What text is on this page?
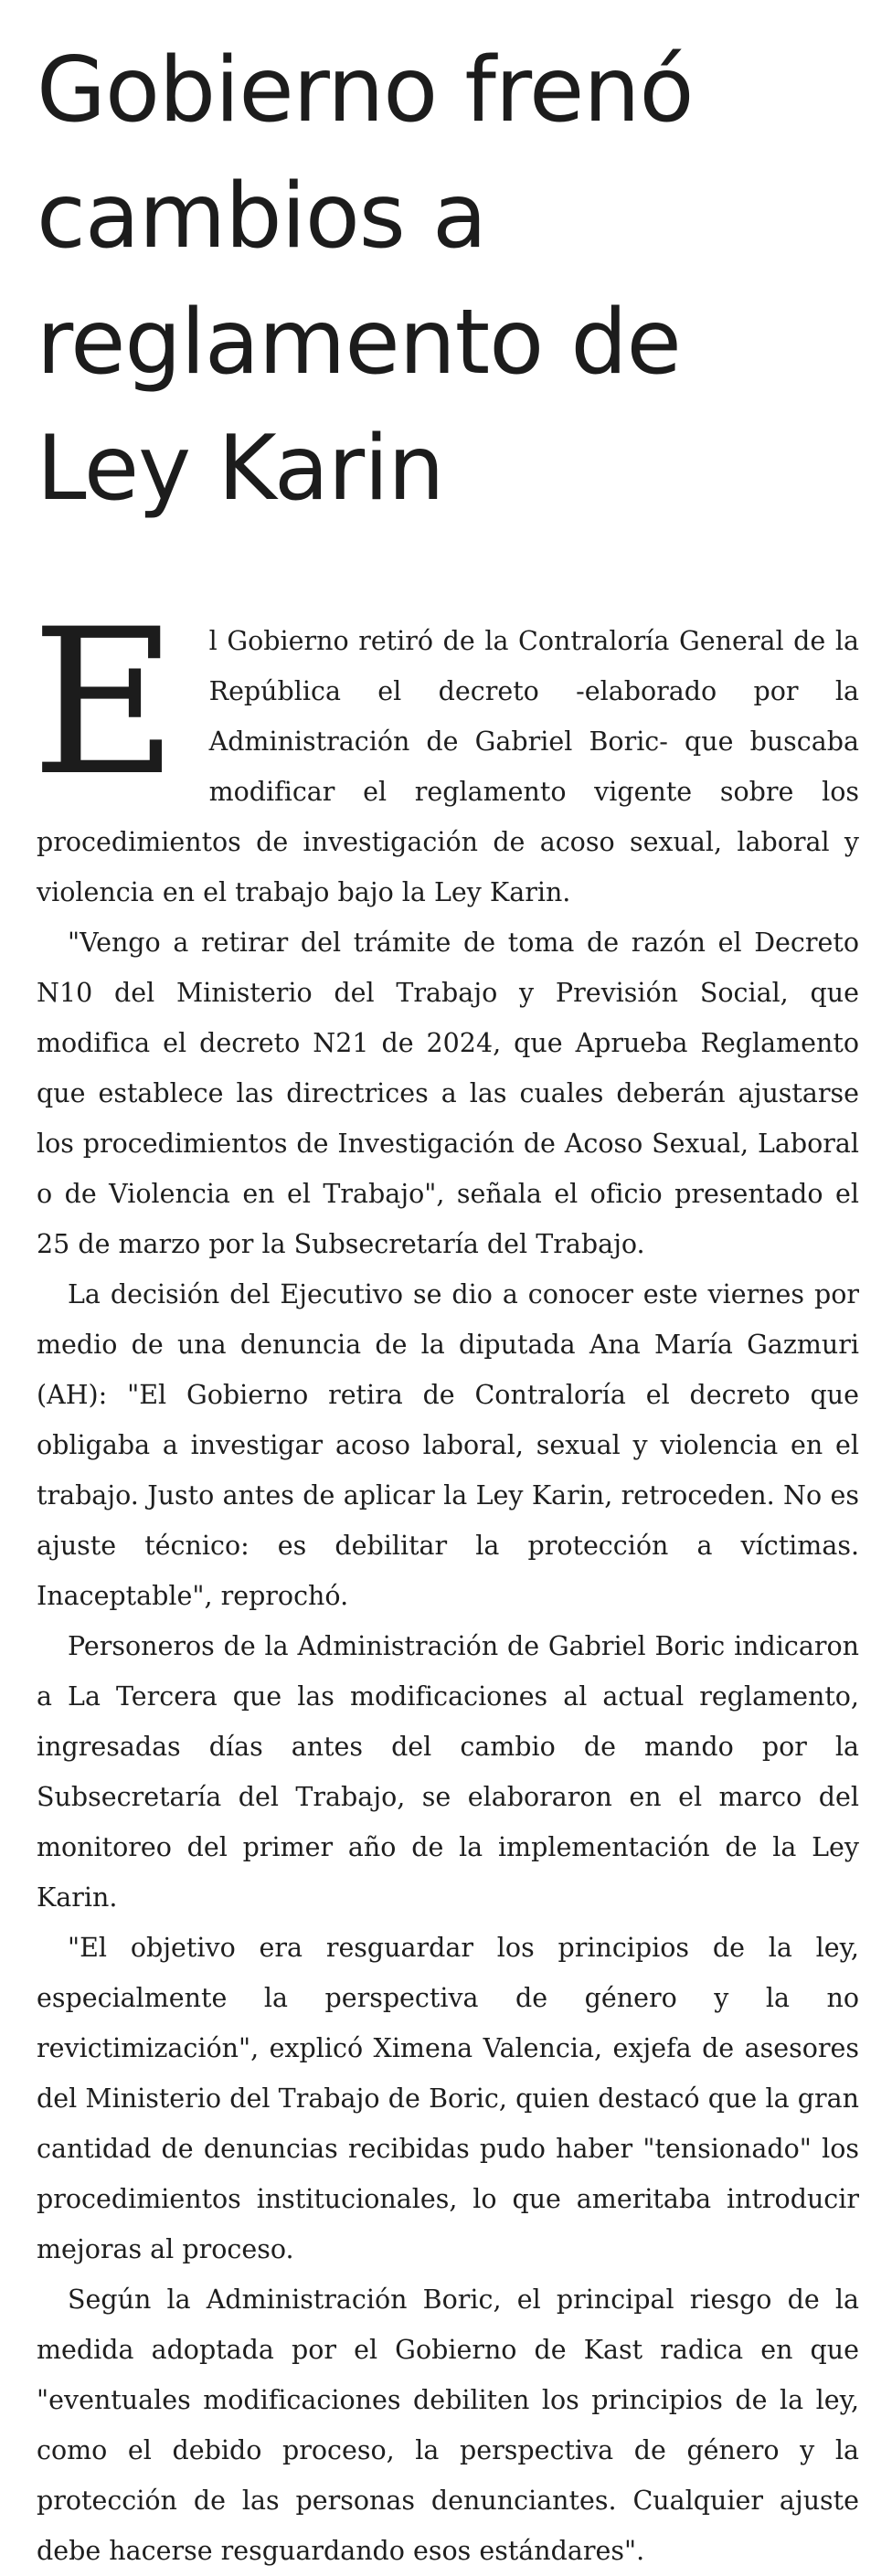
Gobierno frenó
cambios a
reglamento de
Ley Karin

E l Gobierno retiró de la Contraloría General de la República el decreto -elaborado por la Administración de Gabriel Boric- que buscaba modificar el reglamento vigente sobre los procedimientos de investigación de acoso sexual, laboral y violencia en el trabajo bajo la Ley Karin.

"Vengo a retirar del trámite de toma de razón el Decreto N10 del Ministerio del Trabajo y Previsión Social, que modifica el decreto N21 de 2024, que Aprueba Reglamento que establece las directrices a las cuales deberán ajustarse los procedimientos de Investigación de Acoso Sexual, Laboral o de Violencia en el Trabajo", señala el oficio presentado el 25 de marzo por la Subsecretaría del Trabajo.

La decisión del Ejecutivo se dio a conocer este viernes por medio de una denuncia de la diputada Ana María Gazmuri (AH): "El Gobierno retira de Contraloría el decreto que obligaba a investigar acoso laboral, sexual y violencia en el trabajo. Justo antes de aplicar la Ley Karin, retroceden. No es ajuste técnico: es debilitar la protección a víctimas. Inaceptable", reprochó.

Personeros de la Administración de Gabriel Boric indicaron a La Tercera que las modificaciones al actual reglamento, ingresadas días antes del cambio de mando por la Subsecretaría del Trabajo, se elaboraron en el marco del monitoreo del primer año de la implementación de la Ley Karin.

"El objetivo era resguardar los principios de la ley, especialmente la perspectiva de género y la no revictimización", explicó Ximena Valencia, exjefa de asesores del Ministerio del Trabajo de Boric, quien destacó que la gran cantidad de denuncias recibidas pudo haber "tensionado" los procedimientos institucionales, lo que ameritaba introducir mejoras al proceso.

Según la Administración Boric, el principal riesgo de la medida adoptada por el Gobierno de Kast radica en que "eventuales modificaciones debiliten los principios de la ley, como el debido proceso, la perspectiva de género y la protección de las personas denunciantes. Cualquier ajuste debe hacerse resguardando esos estándares".
